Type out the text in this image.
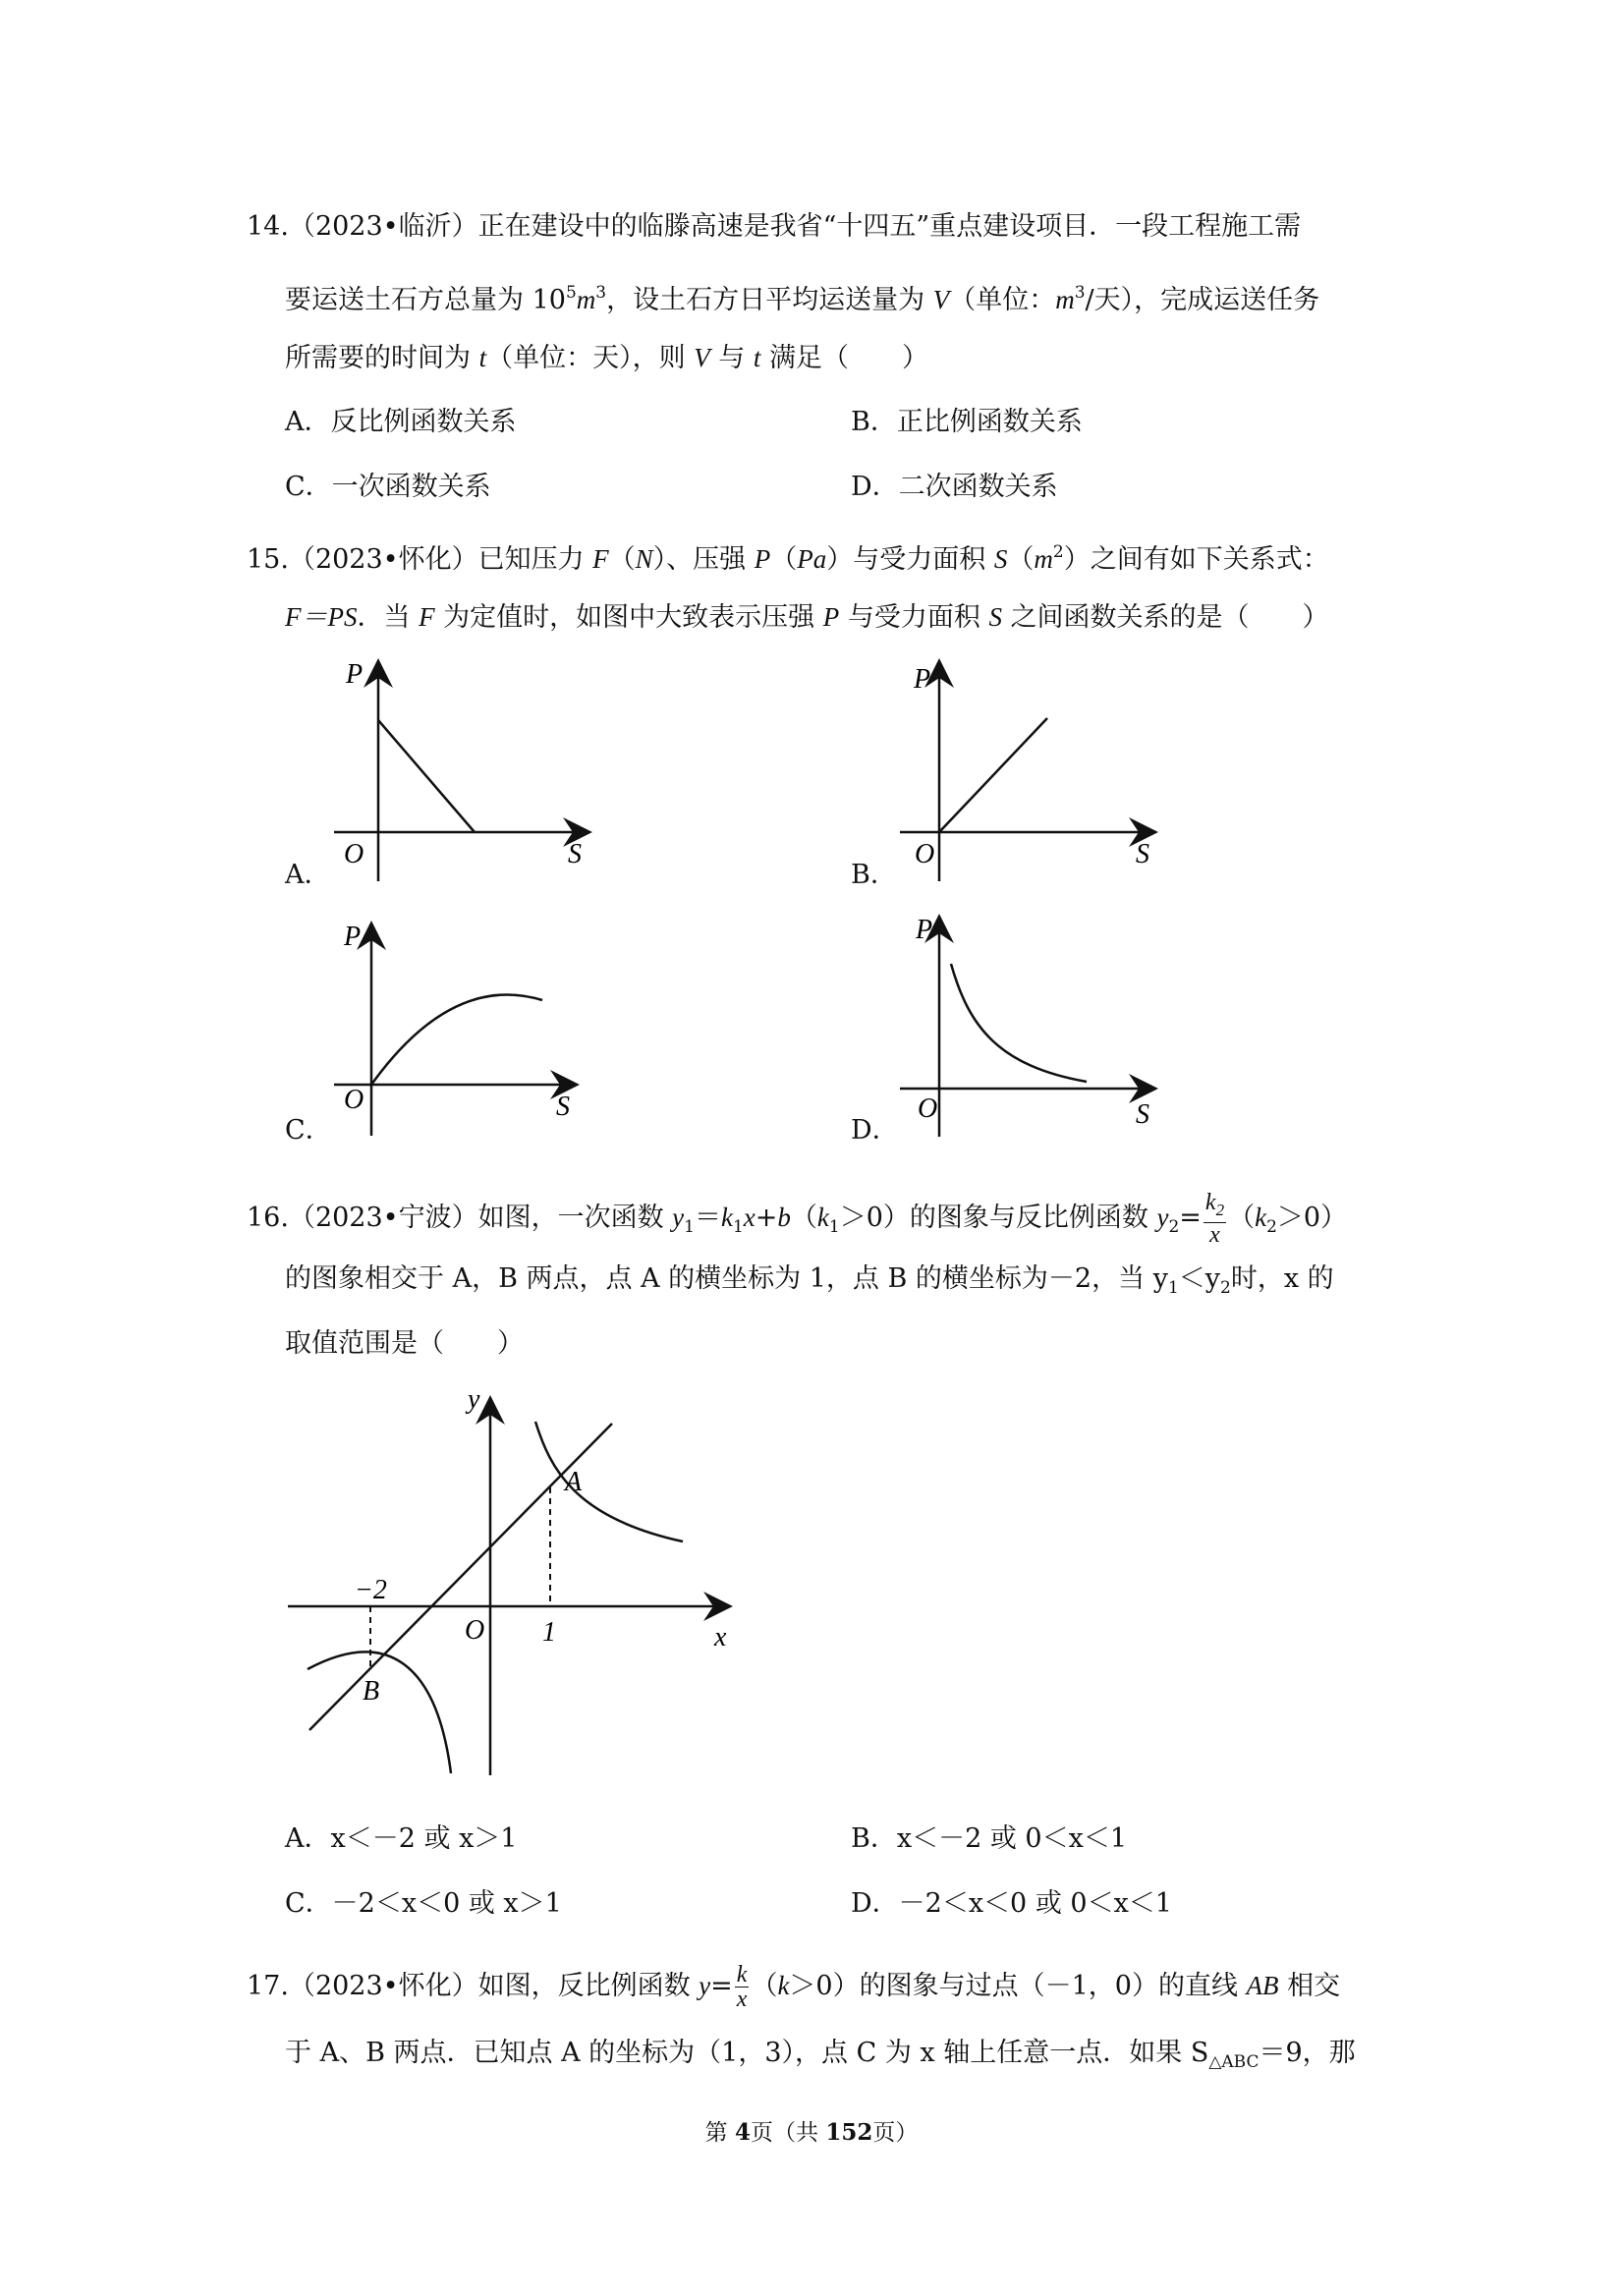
14.（2023•临沂）正在建设中的临滕高速是我省“十四五”重点建设项目．一段工程施工需
要运送土石方总量为 $10^5m^3$，设土石方日平均运送量为 V（单位：$m^3/$天），完成运送任务
所需要的时间为 t（单位：天），则 V 与 t 满足（　　）
A．反比例函数关系	B．正比例函数关系
C．一次函数关系	D．二次函数关系
15.（2023•怀化）已知压力 F（N）、压强 P（Pa）与受力面积 $S(m^2)$之间有如下关系式：
F＝PS．当 F 为定值时，如图中大致表示压强 P 与受力面积 S 之间函数关系的是（　　）
A．
P
S
O
B．
P
S
O
C．
P
S
O
D．
P
S
O
16.（2023•宁波）如图，一次函数 $y_1=k_1x+b(k_1>0)$的图象与反比例函数 $y_2= \frac{k_2}{x} (k_2>0)$
的图象相交于 A，B 两点，点 A 的横坐标为 1，点 B 的横坐标为－2，当 $y_1<y_2$时，x 的
取值范围是（　　）
y
x
O
A
B
−2
1
A．x＜－2 或 x＞1	B．x＜－2 或 0＜x＜1
C．－2＜x＜0 或 x＞1	D．－2＜x＜0 或 0＜x＜1
17.（2023•怀化）如图，反比例函数 $y= \frac{k}{x} (k>0)$的图象与过点（－1，0）的直线 AB 相交
于 A、B 两点．已知点 A 的坐标为（1，3），点 C 为 x 轴上任意一点．如果 $S_{\triangle ABC}=9$，那
第 4页（共 152页）
